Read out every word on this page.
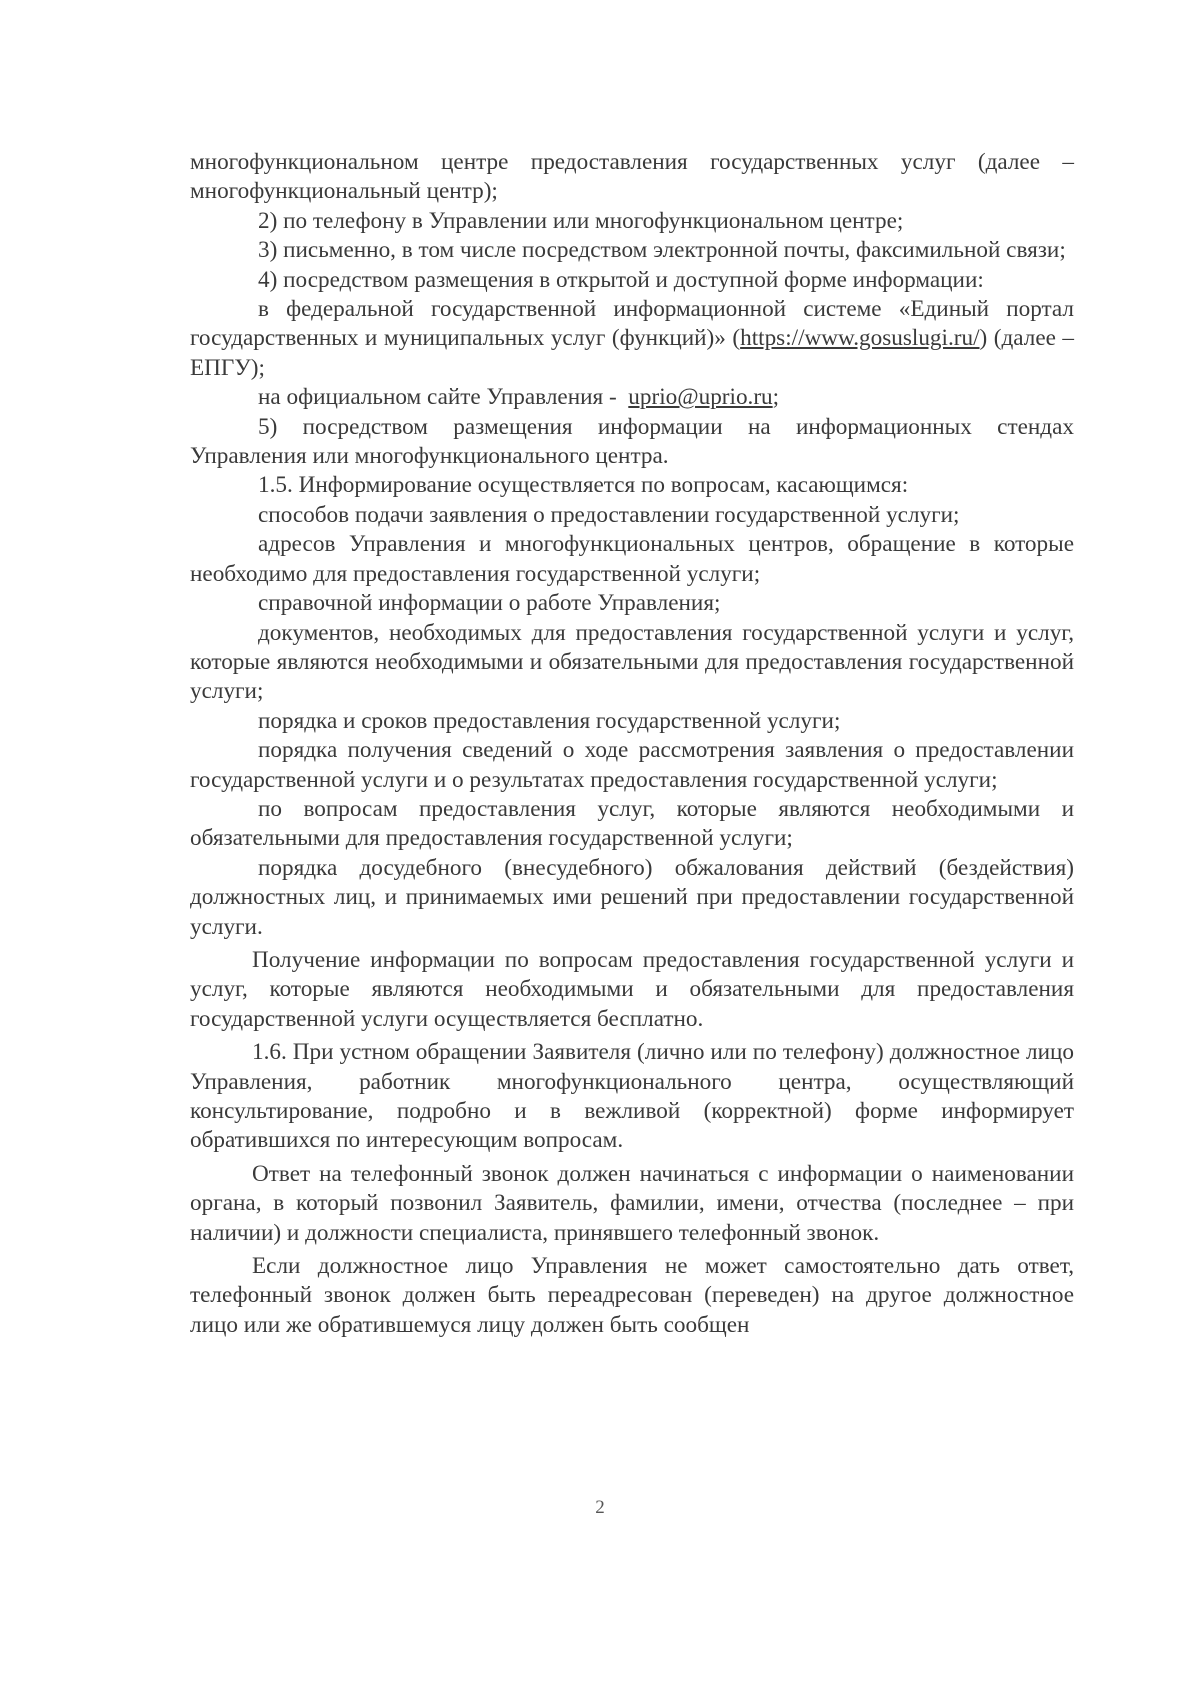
многофункциональном центре предоставления государственных услуг (далее – многофункциональный центр);

2) по телефону в Управлении или многофункциональном центре;

3) письменно, в том числе посредством электронной почты, факсимильной связи;

4) посредством размещения в открытой и доступной форме информации:

в федеральной государственной информационной системе «Единый портал государственных и муниципальных услуг (функций)» (https://www.gosuslugi.ru/) (далее – ЕПГУ);

на официальном сайте Управления - uprio@uprio.ru;

5) посредством размещения информации на информационных стендах Управления или многофункционального центра.

1.5. Информирование осуществляется по вопросам, касающимся:

способов подачи заявления о предоставлении государственной услуги;

адресов Управления и многофункциональных центров, обращение в которые необходимо для предоставления государственной услуги;

справочной информации о работе Управления;

документов, необходимых для предоставления государственной услуги и услуг, которые являются необходимыми и обязательными для предоставления государственной услуги;

порядка и сроков предоставления государственной услуги;

порядка получения сведений о ходе рассмотрения заявления о предоставлении государственной услуги и о результатах предоставления государственной услуги;

по вопросам предоставления услуг, которые являются необходимыми и обязательными для предоставления государственной услуги;

порядка досудебного (внесудебного) обжалования действий (бездействия) должностных лиц, и принимаемых ими решений при предоставлении государственной услуги.

Получение информации по вопросам предоставления государственной услуги и услуг, которые являются необходимыми и обязательными для предоставления государственной услуги осуществляется бесплатно.

1.6. При устном обращении Заявителя (лично или по телефону) должностное лицо Управления, работник многофункционального центра, осуществляющий консультирование, подробно и в вежливой (корректной) форме информирует обратившихся по интересующим вопросам.

Ответ на телефонный звонок должен начинаться с информации о наименовании органа, в который позвонил Заявитель, фамилии, имени, отчества (последнее – при наличии) и должности специалиста, принявшего телефонный звонок.

Если должностное лицо Управления не может самостоятельно дать ответ, телефонный звонок должен быть переадресован (переведен) на другое должностное лицо или же обратившемуся лицу должен быть сообщен

2
